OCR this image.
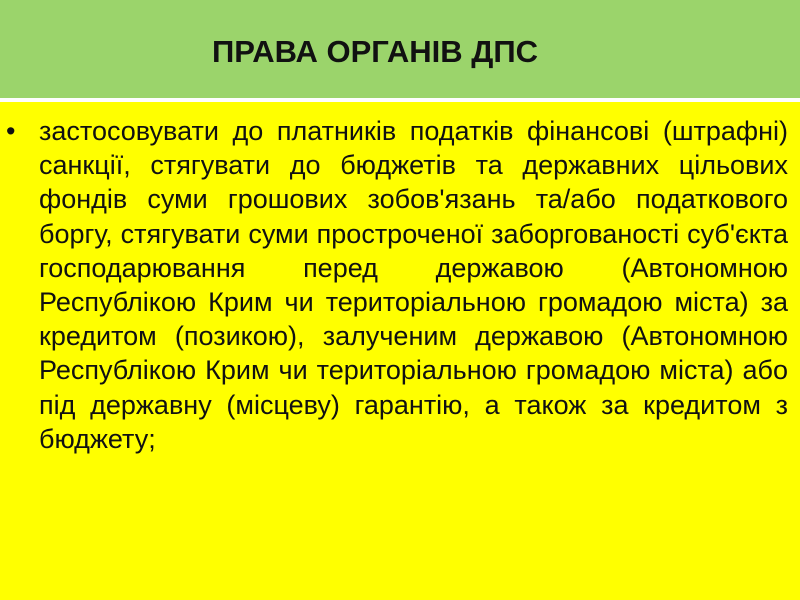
ПРАВА ОРГАНІВ ДПС
• застосовувати до платників податків фінансові (штрафні) санкції, стягувати до бюджетів та державних цільових фондів суми грошових зобов'язань та/або податкового боргу, стягувати суми простроченої заборгованості суб'єкта господарювання перед державою (Автономною Республікою Крим чи територіальною громадою міста) за кредитом (позикою), залученим державою (Автономною Республікою Крим чи територіальною громадою міста) або під державну (місцеву) гарантію, а також за кредитом з бюджету;
